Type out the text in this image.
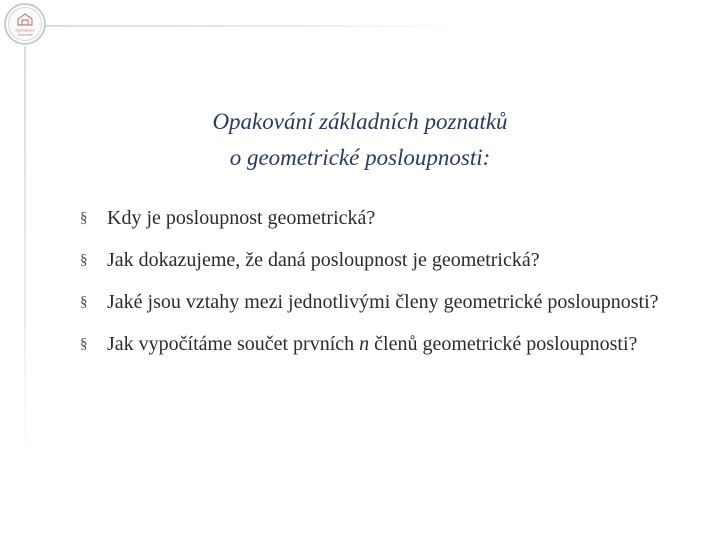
Gymnázium
Kromwell
Opakování základních poznatků
o geometrické posloupnosti:
§ Kdy je posloupnost geometrická?
§ Jak dokazujeme, že daná posloupnost je geometrická?
§ Jaké jsou vztahy mezi jednotlivými členy geometrické posloupnosti?
§ Jak vypočítáme součet prvních n členů geometrické posloupnosti?
